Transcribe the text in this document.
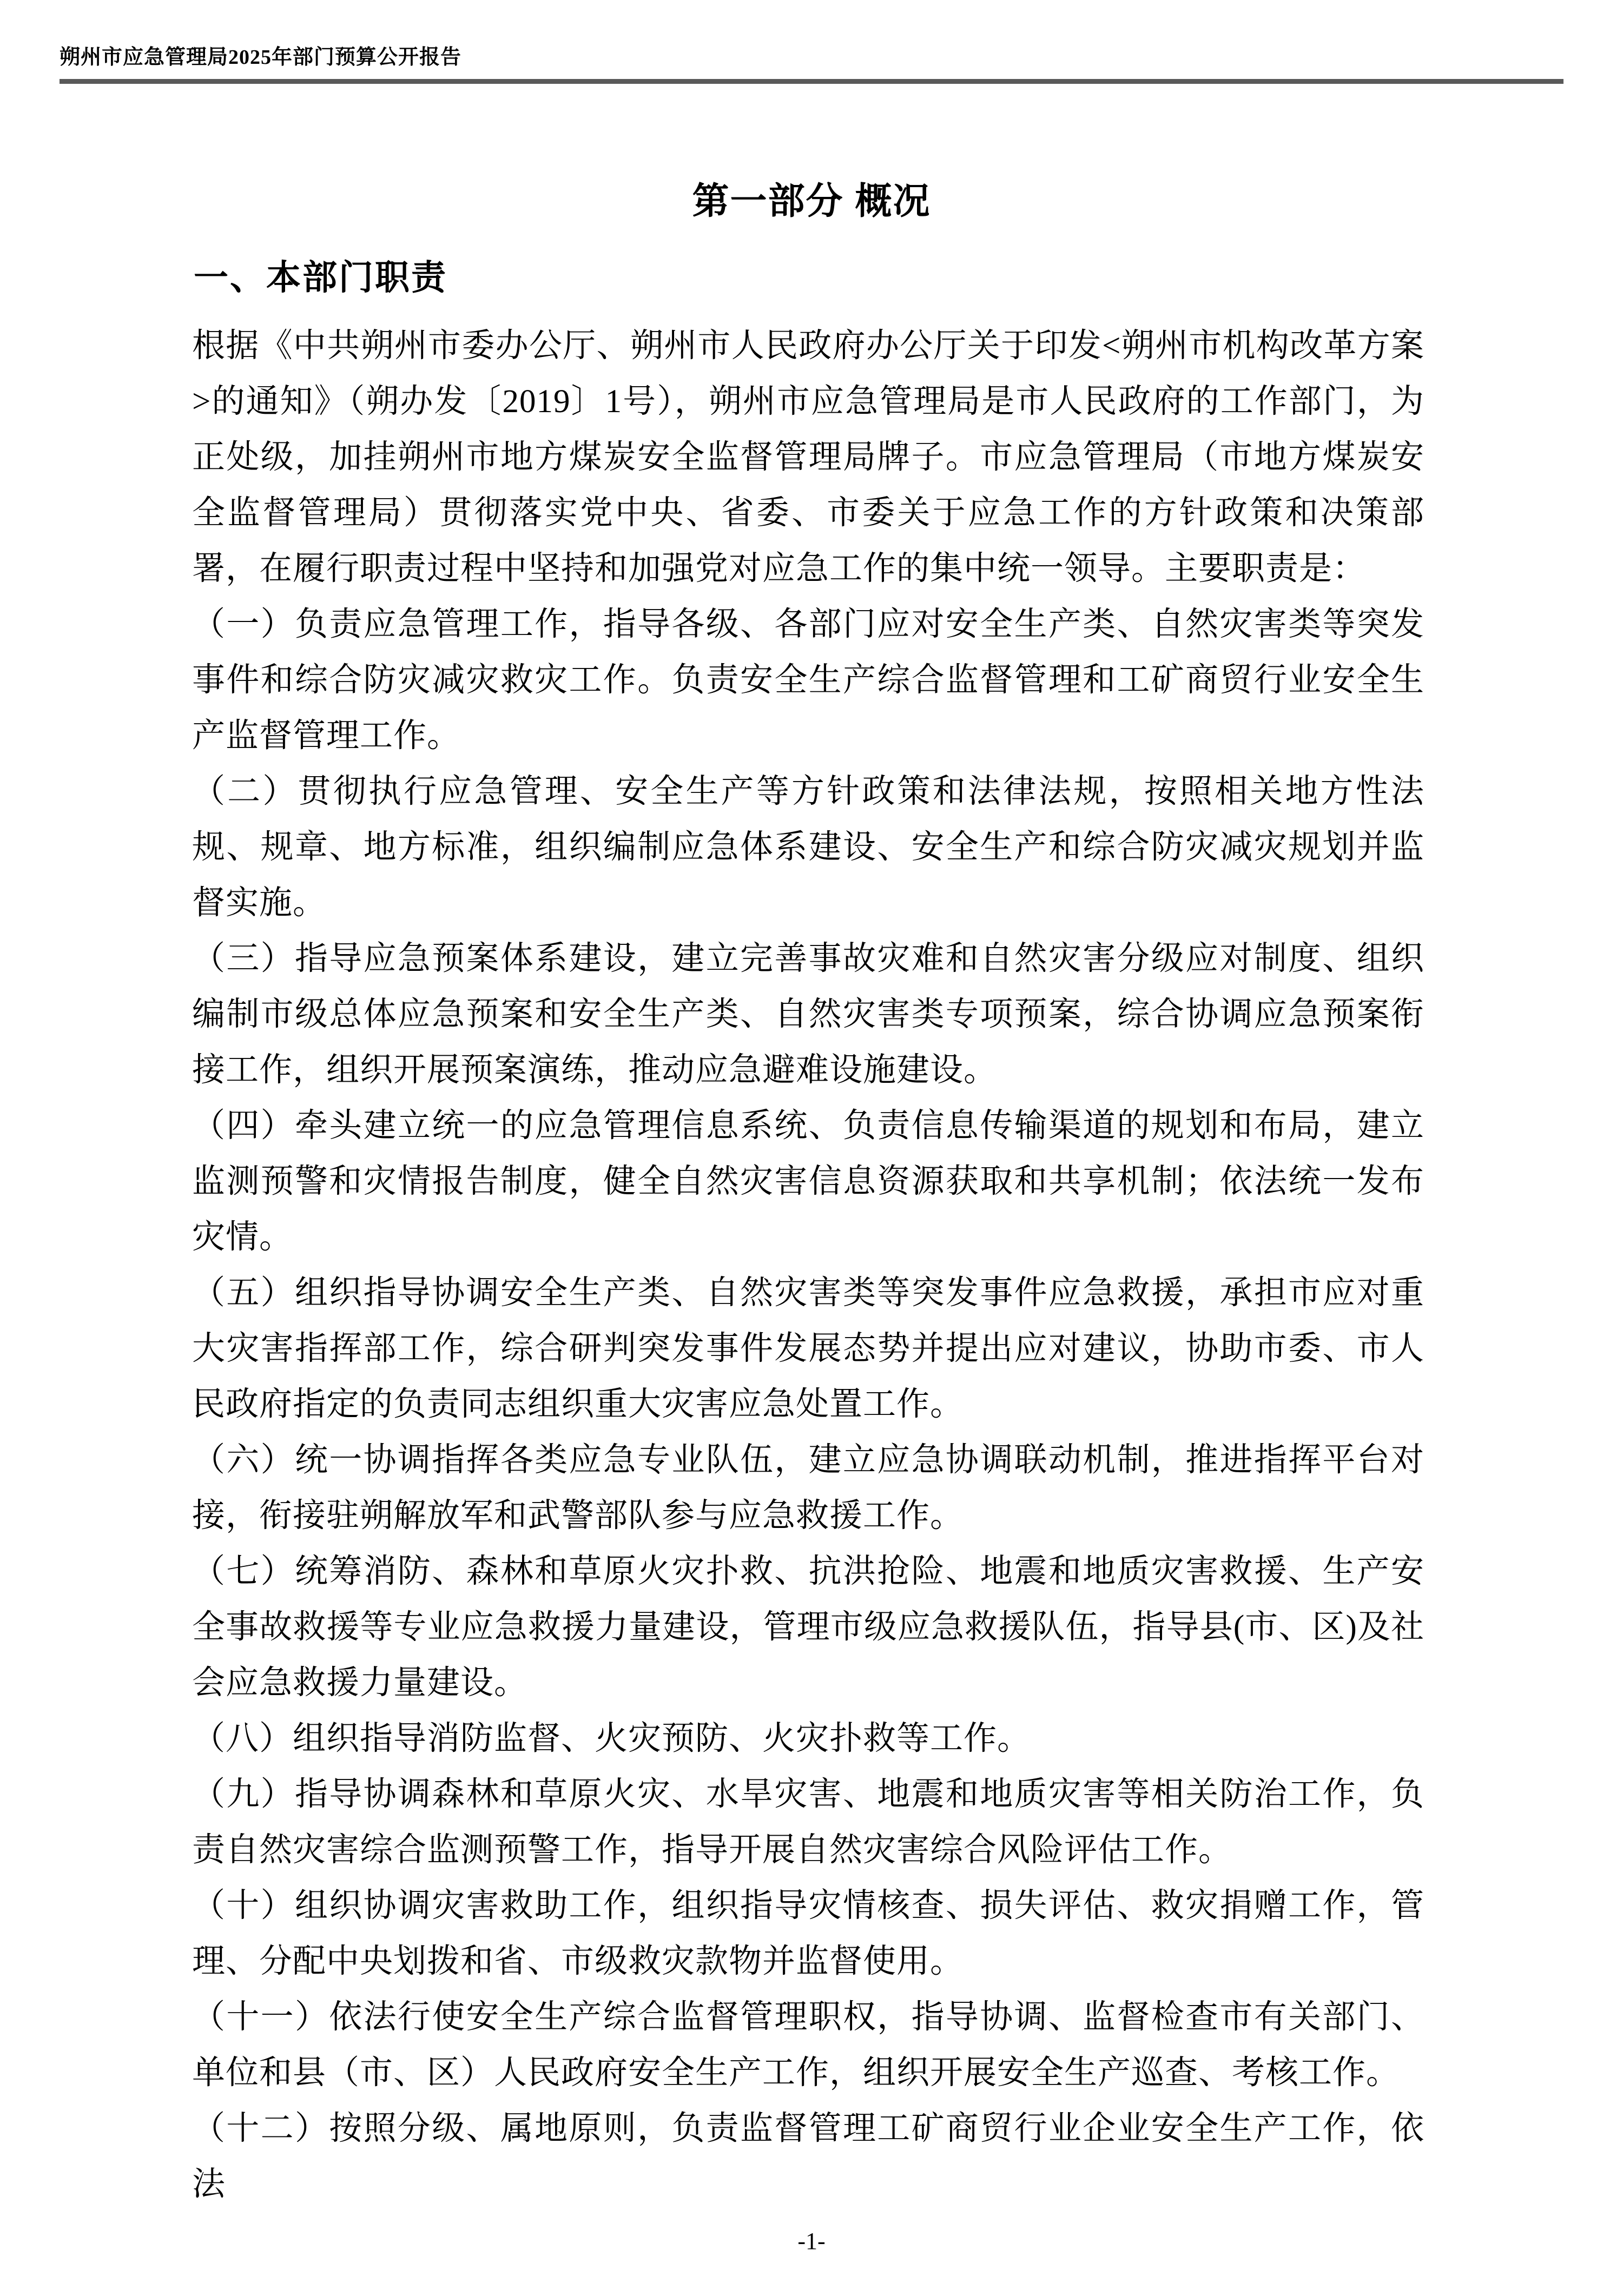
朔州市应急管理局2025年部门预算公开报告
第一部分 概况
一、本部门职责

根据《中共朔州市委办公厅、朔州市人民政府办公厅关于印发<朔州市机构改革方案>的通知》（朔办发〔2019〕1号），朔州市应急管理局是市人民政府的工作部门，为正处级，加挂朔州市地方煤炭安全监督管理局牌子。市应急管理局（市地方煤炭安全监督管理局）贯彻落实党中央、省委、市委关于应急工作的方针政策和决策部署，在履行职责过程中坚持和加强党对应急工作的集中统一领导。主要职责是：

（一）负责应急管理工作，指导各级、各部门应对安全生产类、自然灾害类等突发事件和综合防灾减灾救灾工作。负责安全生产综合监督管理和工矿商贸行业安全生产监督管理工作。

（二）贯彻执行应急管理、安全生产等方针政策和法律法规，按照相关地方性法规、规章、地方标准，组织编制应急体系建设、安全生产和综合防灾减灾规划并监督实施。

（三）指导应急预案体系建设，建立完善事故灾难和自然灾害分级应对制度、组织编制市级总体应急预案和安全生产类、自然灾害类专项预案，综合协调应急预案衔接工作，组织开展预案演练，推动应急避难设施建设。

（四）牵头建立统一的应急管理信息系统、负责信息传输渠道的规划和布局，建立监测预警和灾情报告制度，健全自然灾害信息资源获取和共享机制；依法统一发布灾情。

（五）组织指导协调安全生产类、自然灾害类等突发事件应急救援，承担市应对重大灾害指挥部工作，综合研判突发事件发展态势并提出应对建议，协助市委、市人民政府指定的负责同志组织重大灾害应急处置工作。

（六）统一协调指挥各类应急专业队伍，建立应急协调联动机制，推进指挥平台对接，衔接驻朔解放军和武警部队参与应急救援工作。

（七）统筹消防、森林和草原火灾扑救、抗洪抢险、地震和地质灾害救援、生产安全事故救援等专业应急救援力量建设，管理市级应急救援队伍，指导县(市、区)及社会应急救援力量建设。

（八）组织指导消防监督、火灾预防、火灾扑救等工作。

（九）指导协调森林和草原火灾、水旱灾害、地震和地质灾害等相关防治工作，负责自然灾害综合监测预警工作，指导开展自然灾害综合风险评估工作。

（十）组织协调灾害救助工作，组织指导灾情核查、损失评估、救灾捐赠工作，管理、分配中央划拨和省、市级救灾款物并监督使用。

（十一）依法行使安全生产综合监督管理职权，指导协调、监督检查市有关部门、单位和县（市、区）人民政府安全生产工作，组织开展安全生产巡查、考核工作。

（十二）按照分级、属地原则，负责监督管理工矿商贸行业企业安全生产工作，依法

-1-
